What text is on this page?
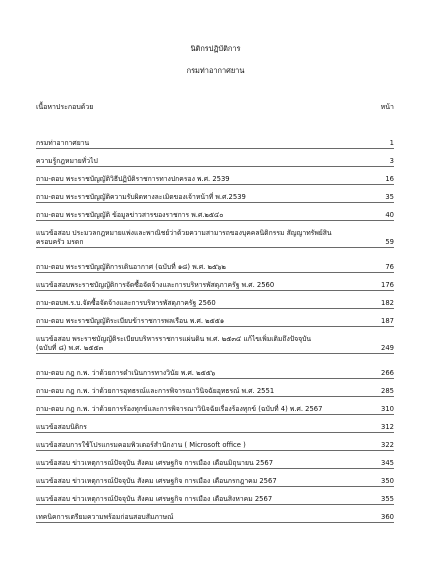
นิติกรปฏิบัติการ
กรมท่าอากาศยาน
เนื้อหาประกอบด้วย	หน้า
กรมท่าอากาศยาน	1
ความรู้กฎหมายทั่วไป	3
ถาม-ตอบ พระราชบัญญัติวิธีปฏิบัติราชการทางปกครอง พ.ศ. 2539	16
ถาม-ตอบ พระราชบัญญัติความรับผิดทางละเมิดของเจ้าหน้าที่ พ.ศ.2539	35
ถาม-ตอบ พระราชบัญญัติ ข้อมูลข่าวสารของราชการ พ.ศ.๒๕๔๐	40
แนวข้อสอบ ประมวลกฎหมายแพ่งและพาณิชย์ว่าด้วยความสามารถของบุคคลนิติกรรม สัญญาทรัพย์สิน
ครอบครัว มรดก	59
ถาม-ตอบ พระราชบัญญัติการเดินอากาศ (ฉบับที่ ๑๘) พ.ศ. ๒๕๖๒	76
แนวข้อสอบพระราชบัญญัติการจัดซื้อจัดจ้างและการบริหารพัสดุภาครัฐ พ.ศ. 2560	176
ถาม-ตอบพ.ร.บ.จัดซื้อจัดจ้างและการบริหารพัสดุภาครัฐ 2560	182
ถาม-ตอบ พระราชบัญญัติระเบียบข้าราชการพลเรือน พ.ศ. ๒๕๕๑	187
แนวข้อสอบ พระราชบัญญัติระเบียบบริหารราชการแผ่นดิน พ.ศ. ๒๕๓๔ แก้ไขเพิ่มเติมถึงปัจจุบัน
(ฉบับที่ ๘) พ.ศ. ๒๕๕๓	249
ถาม-ตอบ กฎ ก.พ. ว่าด้วยการดำเนินการทางวินัย พ.ศ. ๒๕๕๖	266
ถาม-ตอบ กฎ ก.พ. ว่าด้วยการอุทธรณ์และการพิจารณาวินิจฉัยอุทธรณ์ พ.ศ. 2551	285
ถาม-ตอบ กฎ ก.พ. ว่าด้วยการร้องทุกข์และการพิจารณาวินิจฉัยเรื่องร้องทุกข์ (ฉบับที่ 4) พ.ศ. 2567	310
แนวข้อสอบนิติกร	312
แนวข้อสอบการใช้โปรแกรมคอมพิวเตอร์สำนักงาน ( Microsoft office )	322
แนวข้อสอบ ข่าวเหตุการณ์ปัจจุบัน สังคม เศรษฐกิจ การเมือง เดือนมิถุนายน 2567	345
แนวข้อสอบ ข่าวเหตุการณ์ปัจจุบัน สังคม เศรษฐกิจ การเมือง เดือนกรกฎาคม 2567	350
แนวข้อสอบ ข่าวเหตุการณ์ปัจจุบัน สังคม เศรษฐกิจ การเมือง เดือนสิงหาคม 2567	355
เทคนิคการเตรียมความพร้อมก่อนสอบสัมภาษณ์	360
